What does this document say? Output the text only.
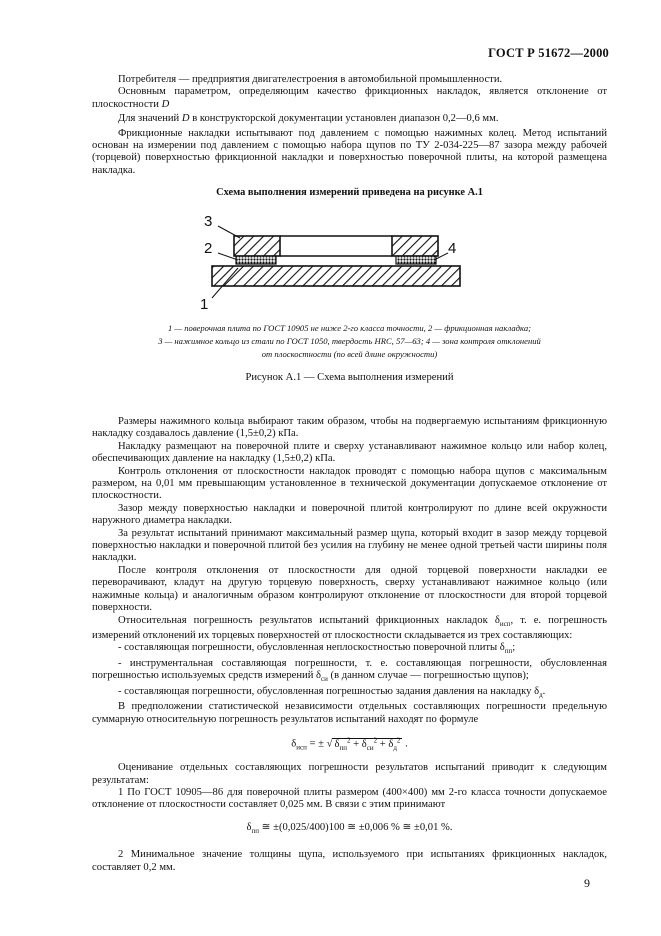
ГОСТ Р 51672—2000

Потребителя — предприятия двигателестроения в автомобильной промышленности.

Основным параметром, определяющим качество фрикционных накладок, является отклонение от плоскостности D

Для значений D в конструкторской документации установлен диапазон 0,2—0,6 мм.

Фрикционные накладки испытывают под давлением с помощью нажимных колец. Метод испытаний основан на измерении под давлением с помощью набора щупов по ТУ 2-034-225—87 зазора между рабочей (торцевой) поверхностью фрикционной накладки и поверхностью поверочной плиты, на которой размещена накладка.

Схема выполнения измерений приведена на рисунке А.1
3
2	4
1
1 — поверочная плита по ГОСТ 10905 не ниже 2-го класса точности, 2 — фрикционная накладка;
3 — нажимное кольцо из стали по ГОСТ 1050, твердость HRC, 57—63; 4 — зона контроля отклонений
от плоскостности (по всей длине окружности)
Рисунок А.1 — Схема выполнения измерений

Размеры нажимного кольца выбирают таким образом, чтобы на подвергаемую испытаниям фрикционную накладку создавалось давление (1,5±0,2) кПа.

Накладку размещают на поверочной плите и сверху устанавливают нажимное кольцо или набор колец, обеспечивающих давление на накладку (1,5±0,2) кПа.

Контроль отклонения от плоскостности накладок проводят с помощью набора щупов с максимальным размером, на 0,01 мм превышающим установленное в технической документации допускаемое отклонение от плоскостности.

Зазор между поверхностью накладки и поверочной плитой контролируют по длине всей окружности наружного диаметра накладки.

За результат испытаний принимают максимальный размер щупа, который входит в зазор между торцевой поверхностью накладки и поверочной плитой без усилия на глубину не менее одной третьей части ширины поля накладки.

После контроля отклонения от плоскостности для одной торцевой поверхности накладки ее переворачивают, кладут на другую торцевую поверхность, сверху устанавливают нажимное кольцо (или нажимные кольца) и аналогичным образом контролируют отклонение от плоскостности для второй торцевой поверхности.

Относительная погрешность результатов испытаний фрикционных накладок $\delta_{исп}$, т. е. погрешность измерений отклонений их торцевых поверхностей от плоскостности складывается из трех составляющих:

- составляющая погрешности, обусловленная неплоскостностью поверочной плиты $\delta_{пп}$;

- инструментальная составляющая погрешности, т. е. составляющая погрешности, обусловленная погрешностью используемых средств измерений $\delta_{си}$ (в данном случае — погрешностью щупов);

- составляющая погрешности, обусловленная погрешностью задания давления на накладку $\delta_д$.

В предположении статистической независимости отдельных составляющих погрешности предельную суммарную относительную погрешность результатов испытаний находят по формуле

$\delta_{исп}$ = ± √ $\delta_{пп}^2 + \delta_{си}^2 + \delta_д^2$ .

Оценивание отдельных составляющих погрешности результатов испытаний приводит к следующим результатам:

1 По ГОСТ 10905—86 для поверочной плиты размером (400×400) мм 2-го класса точности допускаемое отклонение от плоскостности составляет 0,025 мм. В связи с этим принимают

$\delta_{пп}$ ≅ ±(0,025/400)100 ≅ ±0,006 % ≅ ±0,01 %.

2 Минимальное значение толщины щупа, используемого при испытаниях фрикционных накладок, составляет 0,2 мм.

9
